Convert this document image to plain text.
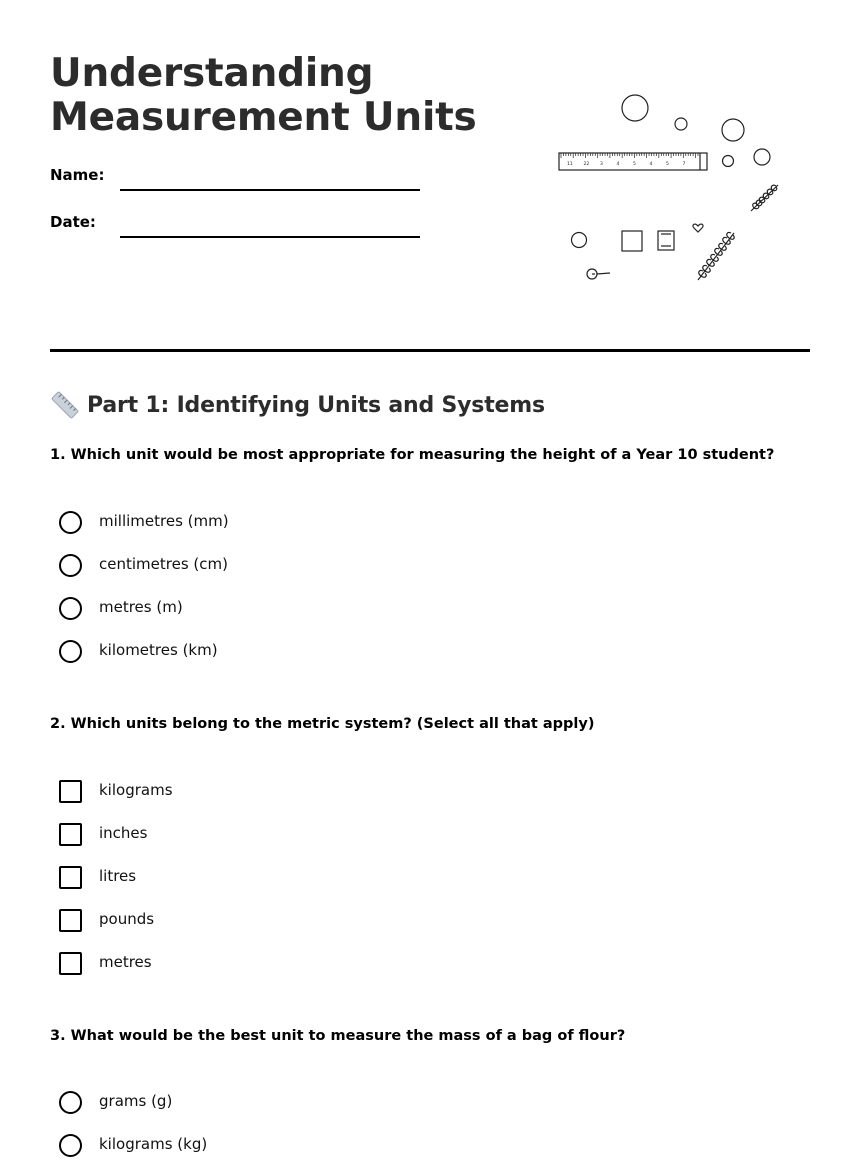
Understanding
Measurement Units
Name:
Date:
11 22 3	4	5	4	5	7
Part 1: Identifying Units and Systems

1. Which unit would be most appropriate for measuring the height of a Year 10 student?

millimetres (mm)
centimetres (cm)
metres (m)
kilometres (km)

2. Which units belong to the metric system? (Select all that apply)

kilograms
inches
litres
pounds
metres

3. What would be the best unit to measure the mass of a bag of flour?

grams (g)
kilograms (kg)
